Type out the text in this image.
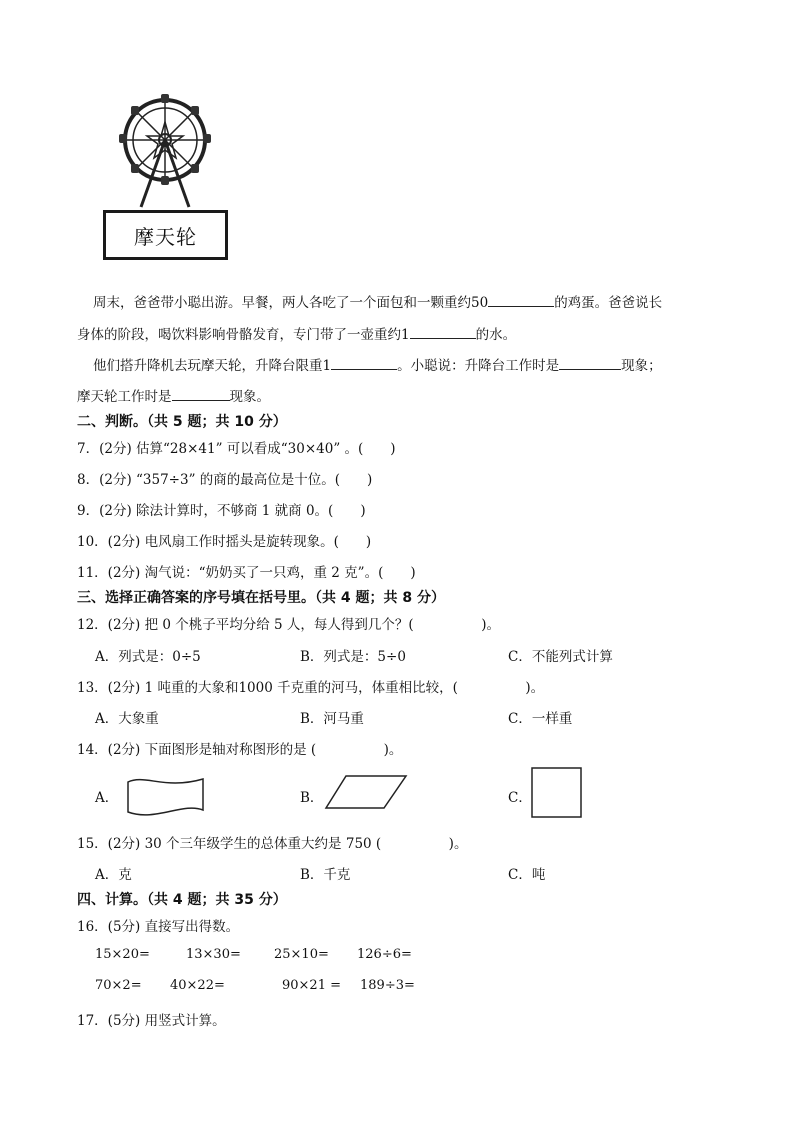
摩天轮
周末，爸爸带小聪出游。早餐，两人各吃了一个面包和一颗重约50	的鸡蛋。爸爸说长
身体的阶段，喝饮料影响骨骼发育，专门带了一壶重约1	的水。
他们搭升降机去玩摩天轮，升降台限重1	。小聪说：升降台工作时是	现象；
摩天轮工作时是	现象。
二、判断。（共 5 题；共 10 分）
7．(2分) 估算“28×41” 可以看成“30×40” 。(　　)
8．(2分) “357÷3” 的商的最高位是十位。(　　)
9．(2分) 除法计算时，不够商 1 就商 0。(　　)
10．(2分) 电风扇工作时摇头是旋转现象。(　　)
11．(2分) 淘气说：“奶奶买了一只鸡，重 2 克”。(　　)
三、选择正确答案的序号填在括号里。（共 4 题；共 8 分）
12．(2分) 把 0 个桃子平均分给 5 人，每人得到几个？(　　　　　)。
A．列式是：0÷5	B．列式是：5÷0	C．不能列式计算
13．(2分) 1 吨重的大象和1000 千克重的河马，体重相比较，(　　　　　)。
A．大象重	B．河马重	C．一样重
14．(2分) 下面图形是轴对称图形的是 (　　　　　)。
A．	B．	C．
15．(2分) 30 个三年级学生的总体重大约是 750 (　　　　　)。
A．克	B．千克	C．吨
四、计算。（共 4 题；共 35 分）
16．(5分) 直接写出得数。
15×20=	13×30=	25×10= 126÷6=
70×2= 40×22=	90×21 = 189÷3=
17．(5分) 用竖式计算。
